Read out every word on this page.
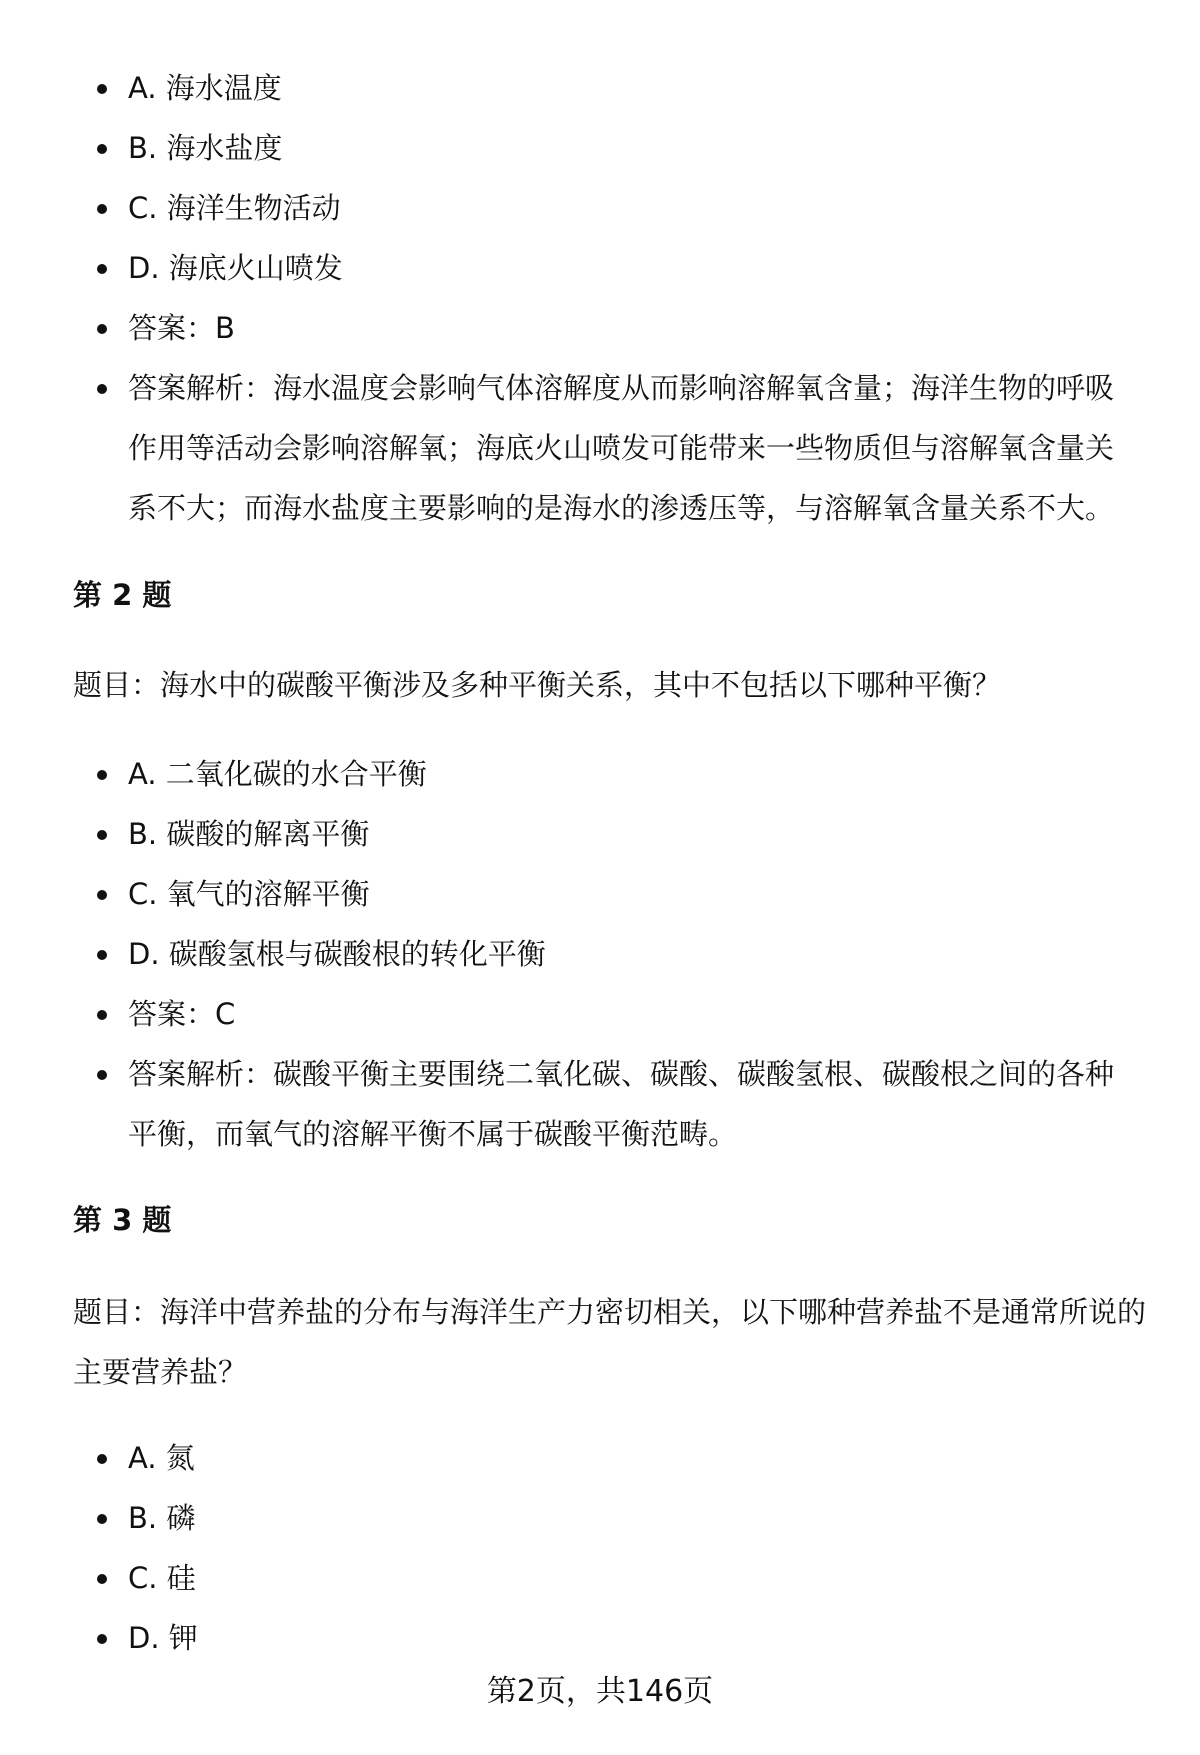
A. 海水温度
B. 海水盐度
C. 海洋生物活动
D. 海底火山喷发
答案：B
答案解析：海水温度会影响气体溶解度从而影响溶解氧含量；海洋生物的呼吸作用等活动会影响溶解氧；海底火山喷发可能带来一些物质但与溶解氧含量关系不大；而海水盐度主要影响的是海水的渗透压等，与溶解氧含量关系不大。
第 2 题

题目：海水中的碳酸平衡涉及多种平衡关系，其中不包括以下哪种平衡？

A. 二氧化碳的水合平衡
B. 碳酸的解离平衡
C. 氧气的溶解平衡
D. 碳酸氢根与碳酸根的转化平衡
答案：C
答案解析：碳酸平衡主要围绕二氧化碳、碳酸、碳酸氢根、碳酸根之间的各种平衡，而氧气的溶解平衡不属于碳酸平衡范畴。
第 3 题

题目：海洋中营养盐的分布与海洋生产力密切相关，以下哪种营养盐不是通常所说的主要营养盐？

A. 氮
B. 磷
C. 硅
D. 钾
第2页，共146页
